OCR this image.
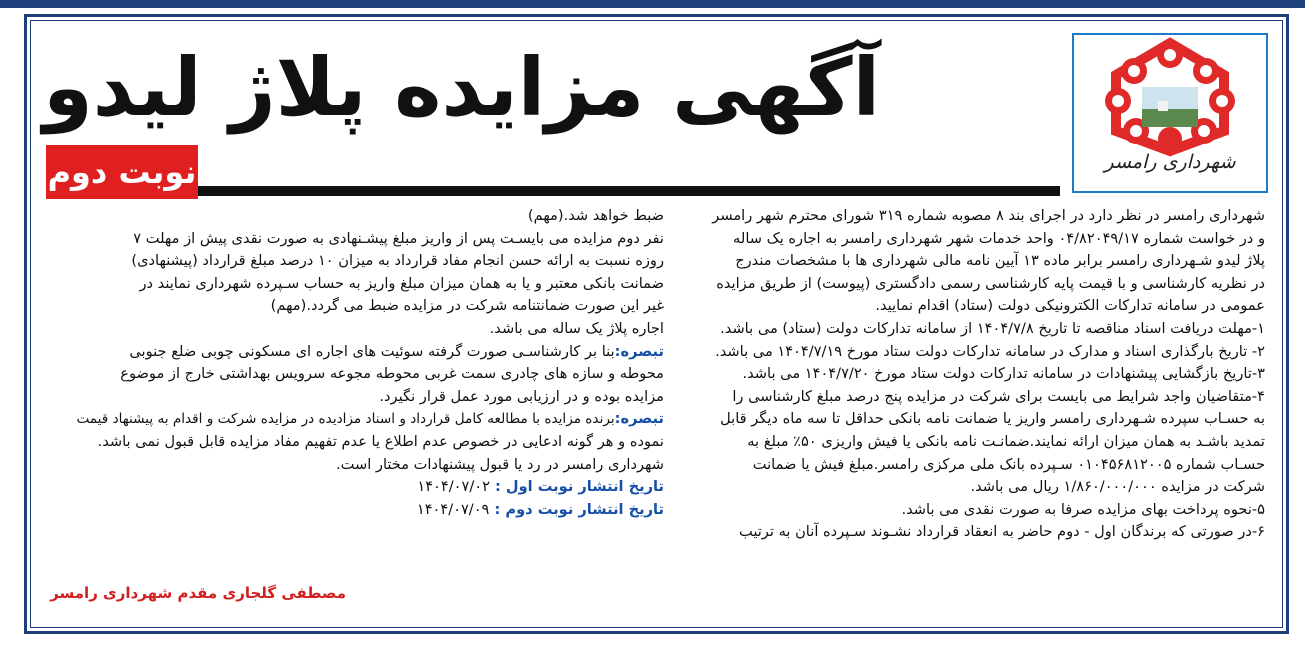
شهرداری رامسر
آگهی مزایده پلاژ لیدو
نوبت دوم

شهرداری رامسر در نظر دارد در اجرای بند ۸ مصوبه شماره ۳۱۹ شورای محترم شهر رامسر

و در خواست شماره ۰۴/۸۲۰۴۹/۱۷ واحد خدمات شهر شهرداری رامسر به اجاره یک ساله

پلاژ لیدو شـهرداری رامسر برابر ماده ۱۳ آیین نامه مالی شهرداری ها با مشخصات مندرج

در نظریه کارشناسی و با قیمت پایه کارشناسی رسمی دادگستری (پیوست) از طریق مزایده

عمومی در سامانه تدارکات الکترونیکی دولت (ستاد) اقدام نمایید.

۱-مهلت دریافت اسناد مناقصه تا تاریخ ۱۴۰۴/۷/۸ از سامانه تدارکات دولت (ستاد) می باشد.

۲- تاریخ بارگذاری اسناد و مدارک در سامانه تدارکات دولت ستاد مورخ ۱۴۰۴/۷/۱۹ می باشد.

۳-تاریخ بازگشایی پیشنهادات در سامانه تدارکات دولت ستاد مورخ ۱۴۰۴/۷/۲۰ می باشد.

۴-متقاضیان واجد شرایط می بایست برای شرکت در مزایده پنج درصد مبلغ کارشناسی را

به حسـاب سپرده شـهرداری رامسر واریز یا ضمانت نامه بانکی حداقل تا سه ماه دیگر قابل

تمدید باشـد به همان میزان ارائه نمایند.ضمانـت نامه بانکی یا فیش واریزی ۵۰٪ مبلغ به

حسـاب شماره ۰۱۰۴۵۶۸۱۲۰۰۵ سـپرده بانک ملی مرکزی رامسر.مبلغ فیش یا ضمانت

شرکت در مزایده ۱/۸۶۰/۰۰۰/۰۰۰ ریال می باشد.

۵-نحوه پرداخت بهای مزایده صرفا به صورت نقدی می باشد.

۶-در صورتی که برندگان اول - دوم حاضر به انعقاد قرارداد نشـوند سـپرده آنان به ترتیب

ضبط خواهد شد.(مهم)

نفر دوم مزایده می بایسـت پس از واریز مبلغ پیشـنهادی به صورت نقدی پیش از مهلت ۷

روزه نسبت به ارائه حسن انجام مفاد قرارداد به میزان ۱۰ درصد مبلغ قرارداد (پیشنهادی)

ضمانت بانکی معتبر و یا به همان میزان مبلغ واریز به حساب سـپرده شهرداری نمایند در

غیر این صورت ضمانتنامه شرکت در مزایده ضبط می گردد.(مهم)

اجاره پلاژ یک ساله می باشد.

تبصره:بنا بر کارشناسـی صورت گرفته سوئیت های اجاره ای مسکونی چوبی ضلع جنوبی

محوطه و سازه های چادری سمت غربی محوطه مجوعه سرویس بهداشتی خارج از موضوع

مزایده بوده و در ارزیابی مورد عمل قرار نگیرد.

تبصره:برنده مزایده با مطالعه کامل قرارداد و اسناد مزادیده در مزایده شرکت و اقدام به پیشنهاد قیمت

نموده و هر گونه ادعایی در خصوص عدم اطلاع یا عدم تفهیم مفاد مزایده قابل قبول نمی باشد.

شهرداری رامسر در رد یا قبول پیشنهادات مختار است.

تاریخ انتشار نوبت اول : ۱۴۰۴/۰۷/۰۲

تاریخ انتشار نوبت دوم : ۱۴۰۴/۰۷/۰۹

مصطفی گلجاری مقدم شهرداری رامسر
